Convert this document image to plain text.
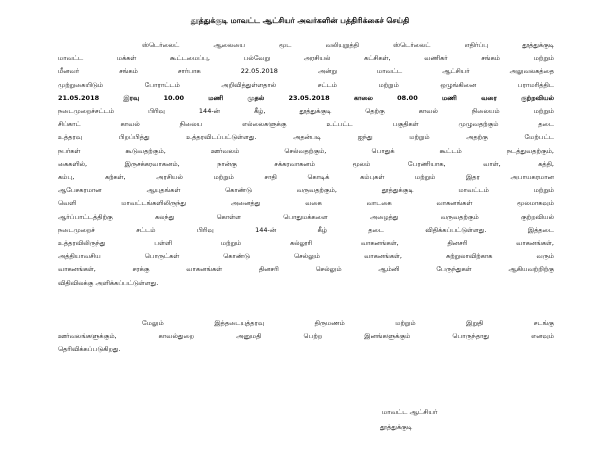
தூத்துக்குடி மாவட்ட ஆட்சியர் அவர்களின் பத்திரிக்கைச் செய்தி
ஸ்டெர்லைட் ஆலையை மூட வலியுறுத்தி ஸ்டெர்லைட் எதிர்ப்பு தூத்துக்குடி
மாவட்ட மக்கள் கூட்டமைப்பு, பல்வேறு அரசியல் கட்சிகள், வணிகர் சங்கம் மற்றும்
மீனவர் சங்கம் சார்பாக 22.05.2018 அன்று மாவட்ட ஆட்சியர் அலுவலகத்தை
முற்றுகையிடும் போராட்டம் அறிவித்துள்ளதால் சட்டம் மற்றும் ஒழுங்கினை பராமரித்திட
21.05.2018 இரவு 10.00 மணி முதல் 23.05.2018 காலை 08.00 மணி வரை குற்றவியல்
நடைமுறைச்சட்டம் பிரிவு 144-ன் கீழ், தூத்துக்குடி தெற்கு காவல் நிலையம் மற்றும்
சிப்காட் காவல் நிலைய எல்லைகளுக்கு உட்பட்ட பகுதிகள் முழுவதற்கும் தடை
உத்தரவு பிறப்பித்து உத்தரவிடப்பட்டுள்ளது. அதன்படி ஐந்து மற்றும் அதற்கு மேற்பட்ட
நபர்கள் கூடுவதற்கும், ஊர்வலம் செல்வதற்கும், பொதுக் கூட்டம் நடத்துவதற்கும்,
கைகளில், இருசக்கரவாகனம், நான்கு சக்கரவாகனம் மூலம் பேரணியாக, வாள், கத்தி,
கம்பு, கற்கள், அரசியல் மற்றும் சாதி கொடிக் கம்புகள் மற்றும் இதர அபாயகரமான
ஆபேசகரமான ஆயுதங்கள் கொண்டு வருவதற்கும், தூத்துக்குடி மாவட்டம் மற்றும்
வெளி மாவட்டங்களிலிருந்து அனைத்து வகை வாடகை வாகனங்கள் மூலமாகவும்
ஆர்ப்பாட்டத்திற்கு கலந்து கொள்ள பொதுமக்களை அழைத்து வருவதற்கும் குற்றவியல்
நடைமுறைச் சட்டம் பிரிவு 144-ன் கீழ் தடை விதிக்கப்பட்டுள்ளது. இத்தடை
உத்தரவிலிருந்து பள்ளி மற்றும் கல்லூரி வாகனங்கள், தினசரி வாகனங்கள்,
அத்தியாவசிய பொருட்கள் கொண்டு செல்லும் வாகனங்கள், சுற்றுலாவிற்காக வரும்
வாகனங்கள், சரக்கு வாகனங்கள் தினசரி செல்லும் ஆம்னி பேருந்துகள் ஆகியவற்றிற்கு
விதிவிலக்கு அளிக்கப்பட்டுள்ளது.
மேலும் இத்தடையுத்தரவு திருமணம் மற்றும் இறுதி சடங்கு
ஊர்வலங்களுக்கும், காவல்துறை அனுமதி பெற்ற இனங்களுக்கும் பொருந்தாது எனவும்
தெரிவிக்கப்படுகிறது.
மாவட்ட ஆட்சியர்
தூத்துக்குடி
